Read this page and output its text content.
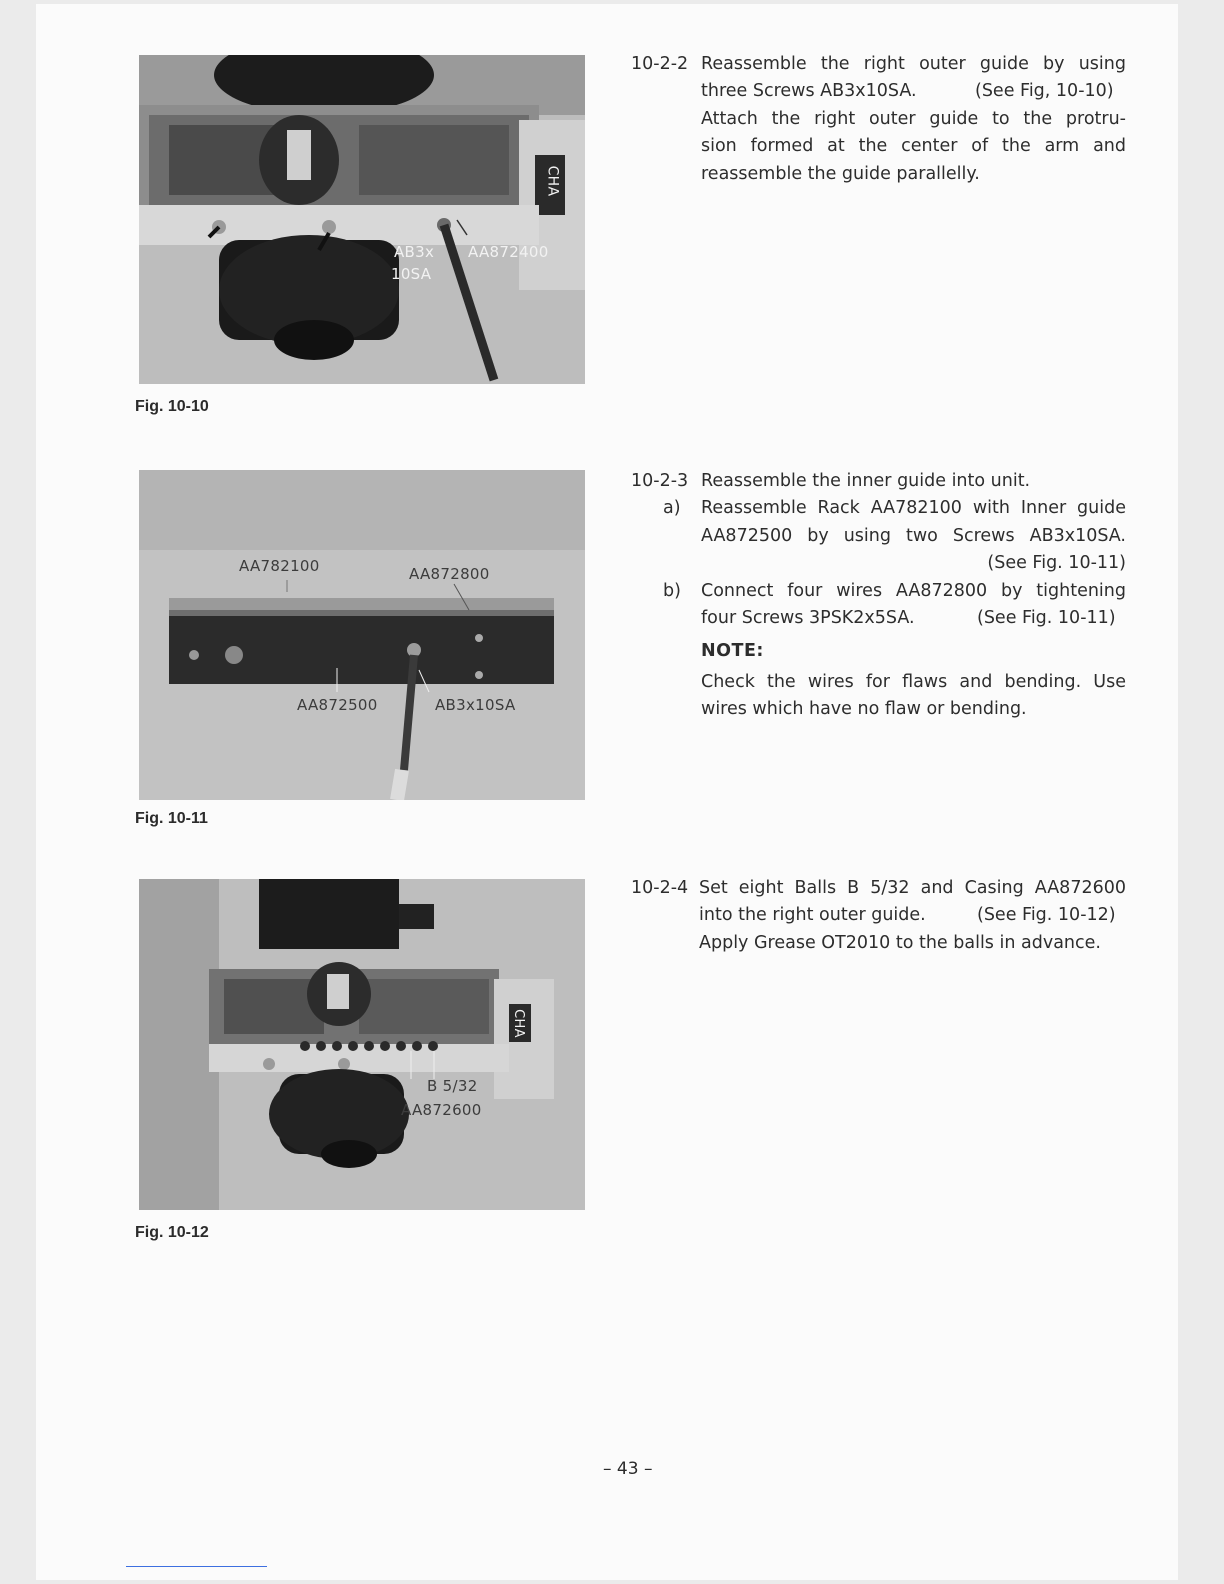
AB3x
10SA
AA872400
CHA
Fig. 10-10
AA782100	AA872800
AA872500	AB3x10SA
Fig. 10-11
B 5/32
AA872600
CHA
Fig. 10-12
10-2-2 Reassemble the right outer guide by using
three Screws AB3x10SA.	(See Fig, 10-10)
Attach the right outer guide to the protru-
sion formed at the center of the arm and
reassemble the guide parallelly.
10-2-3 Reassemble the inner guide into unit.
a) Reassemble Rack AA782100 with Inner guide
AA872500 by using two Screws AB3x10SA.
(See Fig. 10-11)
b) Connect four wires AA872800 by tightening
four Screws 3PSK2x5SA.	(See Fig. 10-11)
NOTE:
Check the wires for flaws and bending. Use
wires which have no flaw or bending.
10-2-4 Set eight Balls B 5/32 and Casing AA872600
into the right outer guide.	(See Fig. 10-12)
Apply Grease OT2010 to the balls in advance.
– 43 –
